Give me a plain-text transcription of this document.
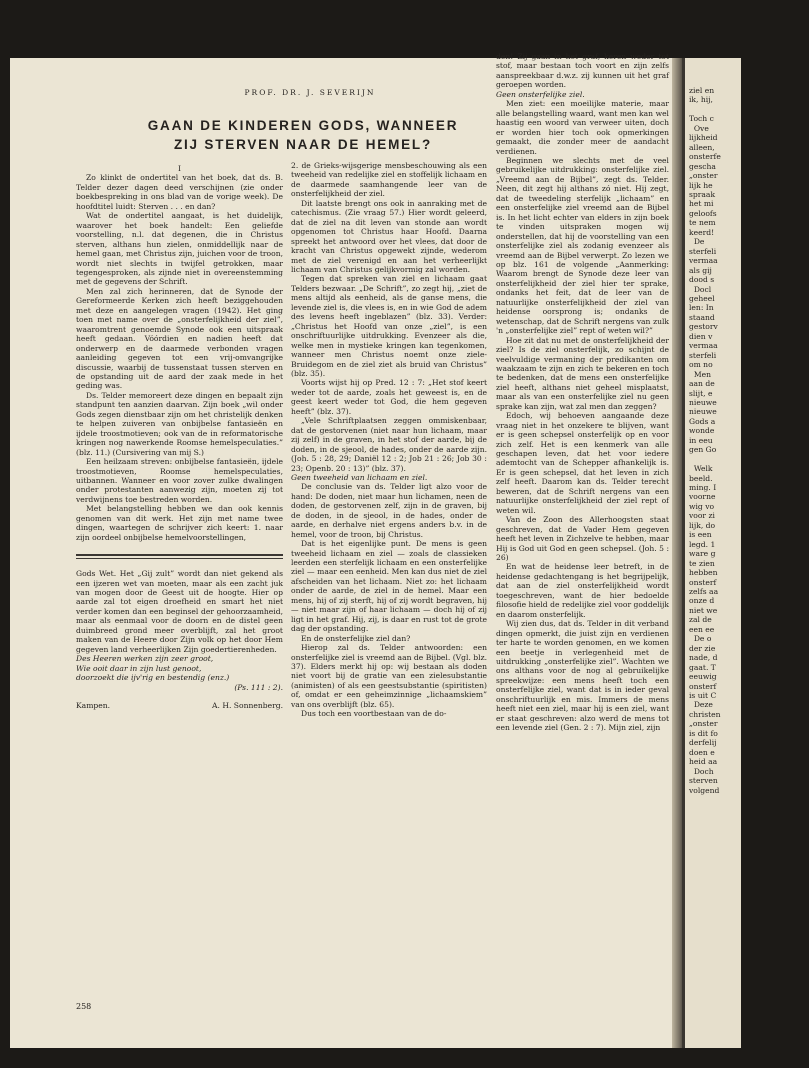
PROF. DR. J. SEVERIJN
GAAN DE KINDEREN GODS, WANNEER
ZIJ STERVEN NAAR DE HEMEL?

I

Zo klinkt de ondertitel van het boek, dat ds. B. Telder dezer dagen deed verschijnen (zie onder boekbespreking in ons blad van de vorige week). De hoofdtitel luidt: Sterven . . . en dan?

Wat de ondertitel aangaat, is het duidelijk, waarover het boek handelt: Een geliefde voorstelling, n.l. dat degenen, die in Christus sterven, althans hun zielen, onmiddellijk naar de hemel gaan, met Christus zijn, juichen voor de troon, wordt niet slechts in twijfel getrokken, maar tegengesproken, als zijnde niet in overeenstemming met de gegevens der Schrift.

Men zal zich herinneren, dat de Synode der Gereformeerde Kerken zich heeft beziggehouden met deze en aangelegen vragen (1942). Het ging toen met name over de „onsterfelijkheid der ziel”, waaromtrent genoemde Synode ook een uitspraak heeft gedaan. Vóórdien en nadien heeft dat onderwerp en de daarmede verbonden vragen aanleiding gegeven tot een vrij-omvangrijke discussie, waarbij de tussenstaat tussen sterven en de opstanding uit de aard der zaak mede in het geding was.

Ds. Telder memoreert deze dingen en bepaalt zijn standpunt ten aanzien daarvan. Zijn boek „wil onder Gods zegen dienstbaar zijn om het christelijk denken te helpen zuiveren van onbijbelse fantasieën en ijdele troostmotieven; ook van de in reformatorische kringen nog nawerkende Roomse hemelspeculaties.” (blz. 11.) (Cursivering van mij S.)

Een heilzaam streven: onbijbelse fantasieën, ijdele troostmotieven, Roomse hemelspeculaties, uitbannen. Wanneer en voor zover zulke dwalingen onder protestanten aanwezig zijn, moeten zij tot verdwijnens toe bestreden worden.

Met belangstelling hebben we dan ook kennis genomen van dit werk. Het zijn met name twee dingen, waartegen de schrijver zich keert: 1. naar zijn oordeel onbijbelse hemelvoorstellingen,

Gods Wet. Het „Gij zult” wordt dan niet gekend als een ijzeren wet van moeten, maar als een zacht juk van mogen door de Geest uit de hoogte. Hier op aarde zal tot eigen droefheid en smart het niet verder komen dan een beginsel der gehoorzaamheid, maar als eenmaal voor de doorn en de distel geen duimbreed grond meer overblijft, zal het groot maken van de Heere door Zijn volk op het door Hem gegeven land verheerlijken Zijn goedertierenheden.

Des Heeren werken zijn zeer groot,

Wie ooit daar in zijn lust genoot,

doorzoekt die ijv'rig en bestendig (enz.)

(Ps. 111 : 2).

Kampen.	A. H. Sonnenberg.

2. de Grieks-wijsgerige mensbeschouwing als een tweeheid van redelijke ziel en stoffelijk lichaam en de daarmede saamhangende leer van de onsterfelijkheid der ziel.

Dit laatste brengt ons ook in aanraking met de catechismus. (Zie vraag 57.) Hier wordt geleerd, dat de ziel na dit leven van stonde aan wordt opgenomen tot Christus haar Hoofd. Daarna spreekt het antwoord over het vlees, dat door de kracht van Christus opgewekt zijnde, wederom met de ziel verenigd en aan het verheerlijkt lichaam van Christus gelijkvormig zal worden.

Tegen dat spreken van ziel en lichaam gaat Telders bezwaar. „De Schrift”, zo zegt hij, „ziet de mens altijd als eenheid, als de ganse mens, die levende ziel is, die vlees is, en in wie God de adem des levens heeft ingeblazen” (blz. 33). Verder: „Christus het Hoofd van onze „ziel”, is een onschriftuurlijke uitdrukking. Evenzeer als die, welke men in mystieke kringen kan tegenkomen, wanneer men Christus noemt onze ziele-Bruidegom en de ziel ziet als bruid van Christus” (blz. 35).

Voorts wijst hij op Pred. 12 : 7: „Het stof keert weder tot de aarde, zoals het geweest is, en de geest keert weder tot God, die hem gegeven heeft” (blz. 37).

„Vele Schriftplaatsen zeggen ommiskenbaar, dat de gestorvenen (niet naar hun lichaam, maar zij zelf) in de graven, in het stof der aarde, bij de doden, in de sjeool, de hades, onder de aarde zijn. (Joh. 5 : 28, 29; Daniël 12 : 2; Job 21 : 26; Job 30 : 23; Openb. 20 : 13)” (blz. 37).

Geen tweeheid van lichaam en ziel.

De conclusie van ds. Telder ligt alzo voor de hand: De doden, niet maar hun lichamen, neen de doden, de gestorvenen zelf, zijn in de graven, bij de doden, in de sjeool, in de hades, onder de aarde, en derhalve niet ergens anders b.v. in de hemel, voor de troon, bij Christus.

Dat is het eigenlijke punt. De mens is geen tweeheid lichaam en ziel — zoals de classieken leerden een sterfelijk lichaam en een onsterfelijke ziel — maar een eenheid. Men kan dus niet de ziel afscheiden van het lichaam. Niet zo: het lichaam onder de aarde, de ziel in de hemel. Maar een mens, hij of zij sterft, hij of zij wordt begraven, hij — niet maar zijn of haar lichaam — doch hij of zij ligt in het graf. Hij, zij, is daar en rust tot de grote dag der opstanding.

En de onsterfelijke ziel dan?

Hierop zal ds. Telder antwoorden: een onsterfelijke ziel is vreemd aan de Bijbel. (Vgl. blz. 37). Elders merkt hij op: wij bestaan als doden niet voort bij de gratie van een zielesubstantie (animisten) of als een geestsubstantie (spiritisten) of, omdat er een geheimzinnige „lichaamskiem” van ons overblijft (blz. 65).

Dus toch een voortbestaan van de do-

den! Zij gaan in het graf, keren weder tot stof, maar bestaan toch voort en zijn zelfs aanspreekbaar d.w.z. zij kunnen uit het graf geroepen worden.

Geen onsterfelijke ziel.

Men ziet: een moeilijke materie, maar alle belangstelling waard, want men kan wel haastig een woord van verweer uiten, doch er worden hier toch ook opmerkingen gemaakt, die zonder meer de aandacht verdienen.

Beginnen we slechts met de veel gebruikelijke uitdrukking: onsterfelijke ziel. „Vreemd aan de Bijbel”, zegt ds. Telder. Neen, dit zegt hij althans zó niet. Hij zegt, dat de tweedeling sterfelijk „lichaam” en een onsterfelijke ziel vreemd aan de Bijbel is. In het licht echter van elders in zijn boek te vinden uitspraken mogen wij onderstellen, dat hij de voorstelling van een onsterfelijke ziel als zodanig evenzeer als vreemd aan de Bijbel verwerpt. Zo lezen we op blz. 161 de volgende „Aanmerking: Waarom brengt de Synode deze leer van onsterfelijkheid der ziel hier ter sprake, ondanks het feit, dat de leer van de natuurlijke onsterfelijkheid der ziel van heidense oorsprong is; ondanks de wetenschap, dat de Schrift nergens van zulk 'n „onsterfelijke ziel” rept of weten wil?”

Hoe zit dat nu met de onsterfelijkheid der ziel? Is de ziel onsterfelijk, zo schijnt de veelvuldige vermaning der predikanten om waakzaam te zijn en zich te bekeren en toch te bedenken, dat de mens een onsterfelijke ziel heeft, althans niet geheel misplaatst, maar als van een onsterfelijke ziel nu geen sprake kan zijn, wat zal men dan zeggen?

Edoch, wij behoeven aangaande deze vraag niet in het onzekere te blijven, want er is geen schepsel onsterfelijk op en voor zich zelf. Het is een kenmerk van alle geschapen leven, dat het voor iedere ademtocht van de Schepper afhankelijk is. Er is geen schepsel, dat het leven in zich zelf heeft. Daarom kan ds. Telder terecht beweren, dat de Schrift nergens van een natuurlijke onsterfelijkheid der ziel rept of weten wil.

Van de Zoon des Allerhoogsten staat geschreven, dat de Vader Hem gegeven heeft het leven in Zichzelve te hebben, maar Hij is God uit God en geen schepsel. (Joh. 5 : 26)

En wat de heidense leer betreft, in de heidense gedachtengang is het begrijpelijk, dat aan de ziel onsterfelijkheid wordt toegeschreven, want de hier bedoelde filosofie hield de redelijke ziel voor goddelijk en daarom onsterfelijk.

Wij zien dus, dat ds. Telder in dit verband dingen opmerkt, die juist zijn en verdienen ter harte te worden genomen, en we komen een beetje in verlegenheid met de uitdrukking „onsterfelijke ziel”. Wachten we ons althans voor de nog al gebruikelijke spreekwijze: een mens heeft toch een onsterfelijke ziel, want dat is in ieder geval onschriftuurlijk en mis. Immers de mens heeft niet een ziel, maar hij is een ziel, want er staat geschreven: alzo werd de mens tot een levende ziel (Gen. 2 : 7). Mijn ziel, zijn

258
ziel en
ik, hij,

Toch c
Ove
lijkheid
alleen,
onsterfe
gescha
„onster
lijk he
spraak
het mi
geloofs
te nem
keerd!
De
sterfeli
vermaa
als gij
dood s
Docl
geheel
len: In
staand
gestorv
dien v
vermaa
sterfeli
om no
Men
aan de
slijt, e
nieuwe
nieuwe
Gods a
wonde
in eeu
gen Go

Welk
beeld.
ming. I
voorne
wig vo
voor zi
lijk, do
is een
legd. 1
ware g
te zien
hebben
onsterf
zelfs aa
onze d
niet we
zal de
een ee
De o
der zie
nade, d
gaat. T
eeuwig
onsterf
is uit C
Deze
christen
„onster
is dit fo
derfelij
doen e
heid aa
Doch
sterven
volgend
